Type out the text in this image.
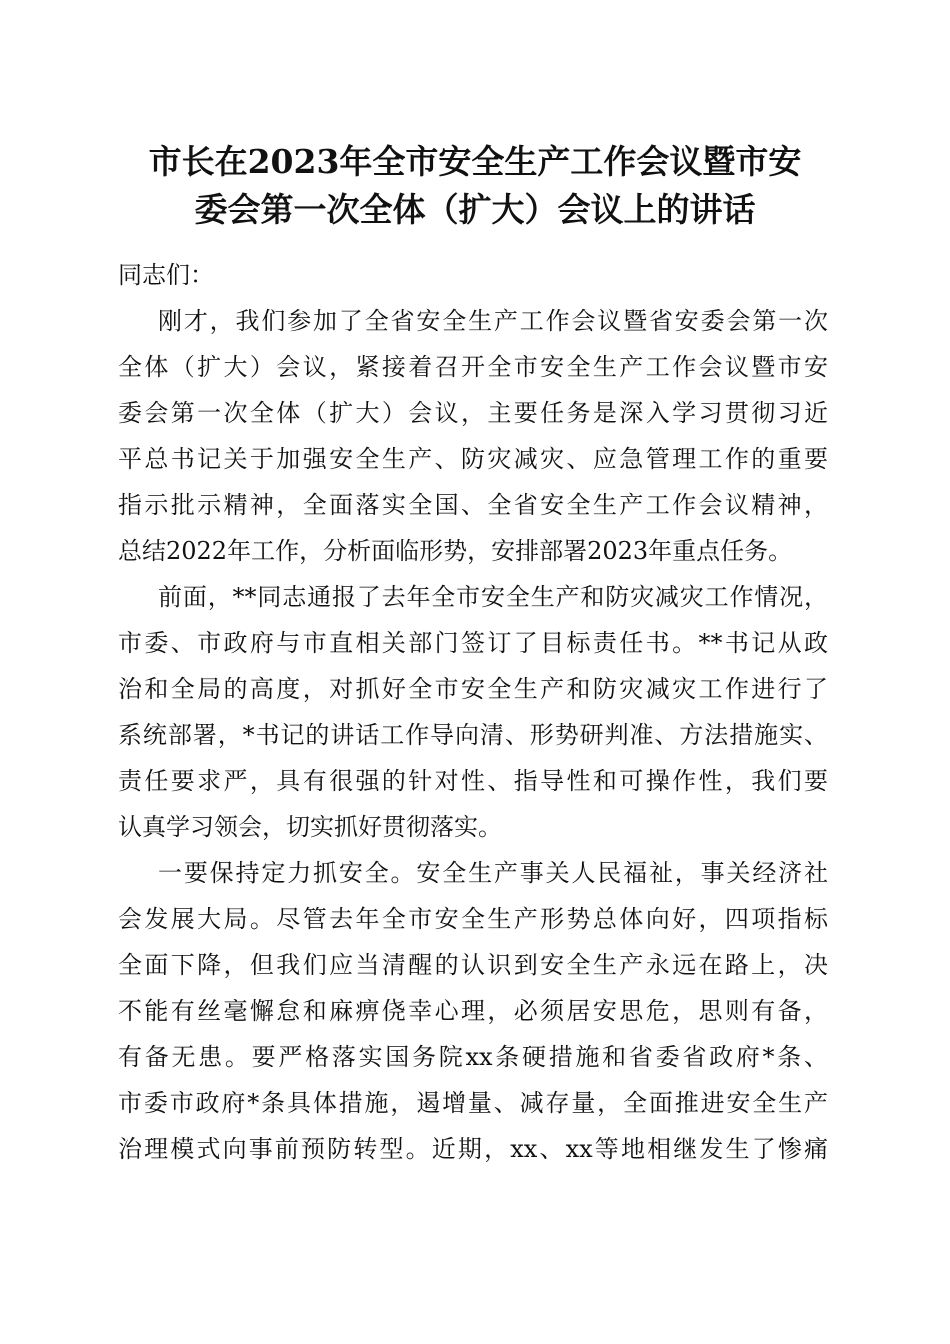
市长在2023年全市安全生产工作会议暨市安
委会第一次全体（扩大）会议上的讲话
同志们：
刚才，我们参加了全省安全生产工作会议暨省安委会第一次
全体（扩大）会议，紧接着召开全市安全生产工作会议暨市安
委会第一次全体（扩大）会议，主要任务是深入学习贯彻习近
平总书记关于加强安全生产、防灾减灾、应急管理工作的重要
指示批示精神，全面落实全国、全省安全生产工作会议精神，
总结2022年工作，分析面临形势，安排部署2023年重点任务。
前面，**同志通报了去年全市安全生产和防灾减灾工作情况，
市委、市政府与市直相关部门签订了目标责任书。**书记从政
治和全局的高度，对抓好全市安全生产和防灾减灾工作进行了
系统部署，*书记的讲话工作导向清、形势研判准、方法措施实、
责任要求严，具有很强的针对性、指导性和可操作性，我们要
认真学习领会，切实抓好贯彻落实。
一要保持定力抓安全。安全生产事关人民福祉，事关经济社
会发展大局。尽管去年全市安全生产形势总体向好，四项指标
全面下降，但我们应当清醒的认识到安全生产永远在路上，决
不能有丝毫懈怠和麻痹侥幸心理，必须居安思危，思则有备，
有备无患。要严格落实国务院xx条硬措施和省委省政府*条、
市委市政府*条具体措施，遏增量、减存量，全面推进安全生产
治理模式向事前预防转型。近期，xx、xx等地相继发生了惨痛
